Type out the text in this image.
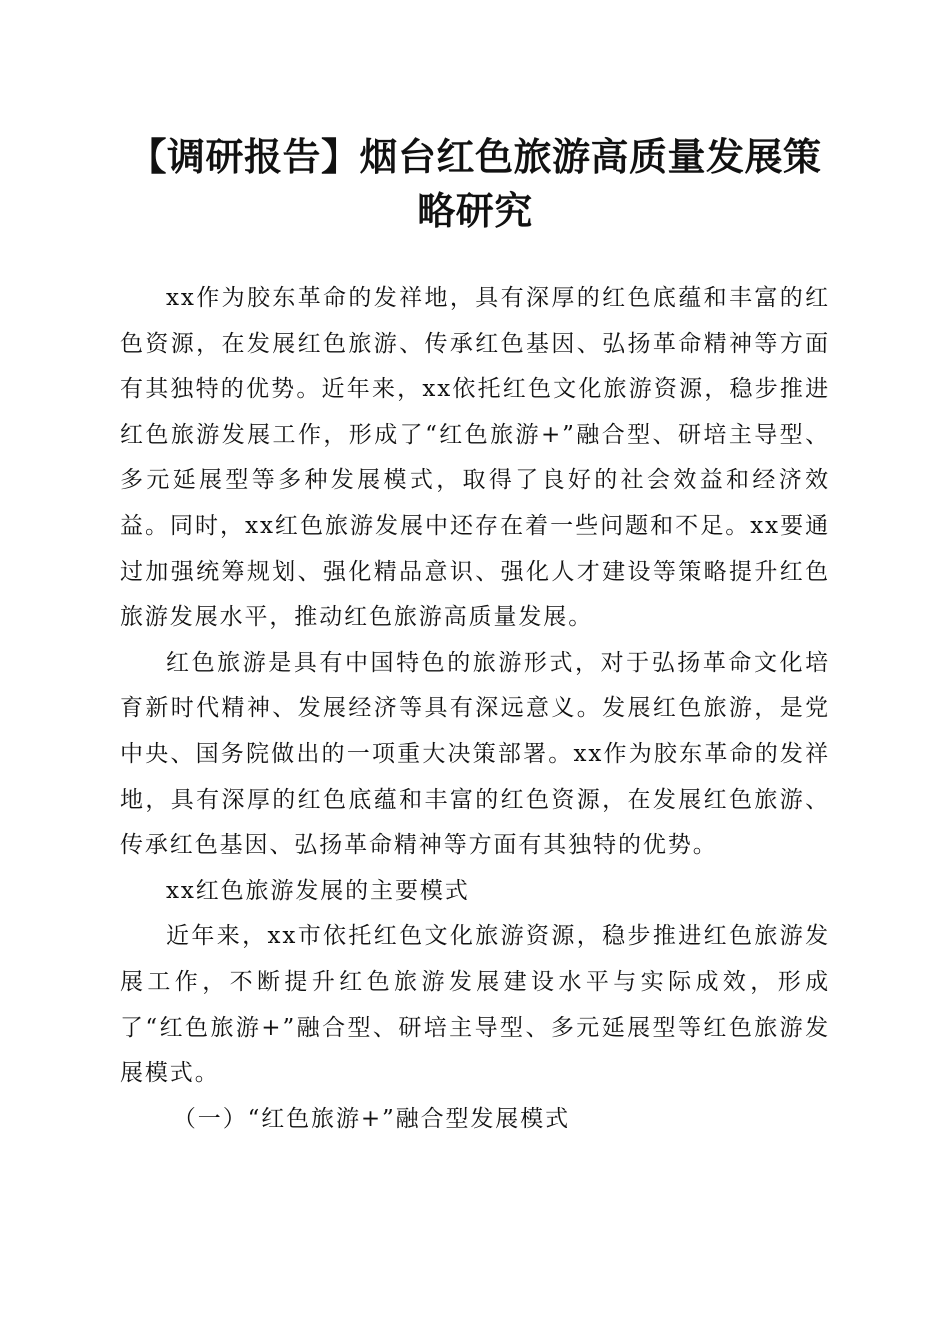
【调研报告】烟台红色旅游高质量发展策略研究

xx作为胶东革命的发祥地，具有深厚的红色底蕴和丰富的红色资源，在发展红色旅游、传承红色基因、弘扬革命精神等方面有其独特的优势。近年来，xx依托红色文化旅游资源，稳步推进红色旅游发展工作，形成了“红色旅游+”融合型、研培主导型、多元延展型等多种发展模式，取得了良好的社会效益和经济效益。同时，xx红色旅游发展中还存在着一些问题和不足。xx要通过加强统筹规划、强化精品意识、强化人才建设等策略提升红色旅游发展水平，推动红色旅游高质量发展。

红色旅游是具有中国特色的旅游形式，对于弘扬革命文化培育新时代精神、发展经济等具有深远意义。发展红色旅游，是党中央、国务院做出的一项重大决策部署。xx作为胶东革命的发祥地，具有深厚的红色底蕴和丰富的红色资源，在发展红色旅游、传承红色基因、弘扬革命精神等方面有其独特的优势。

xx红色旅游发展的主要模式

近年来，xx市依托红色文化旅游资源，稳步推进红色旅游发展工作，不断提升红色旅游发展建设水平与实际成效，形成了“红色旅游+”融合型、研培主导型、多元延展型等红色旅游发展模式。

（一）“红色旅游+”融合型发展模式
